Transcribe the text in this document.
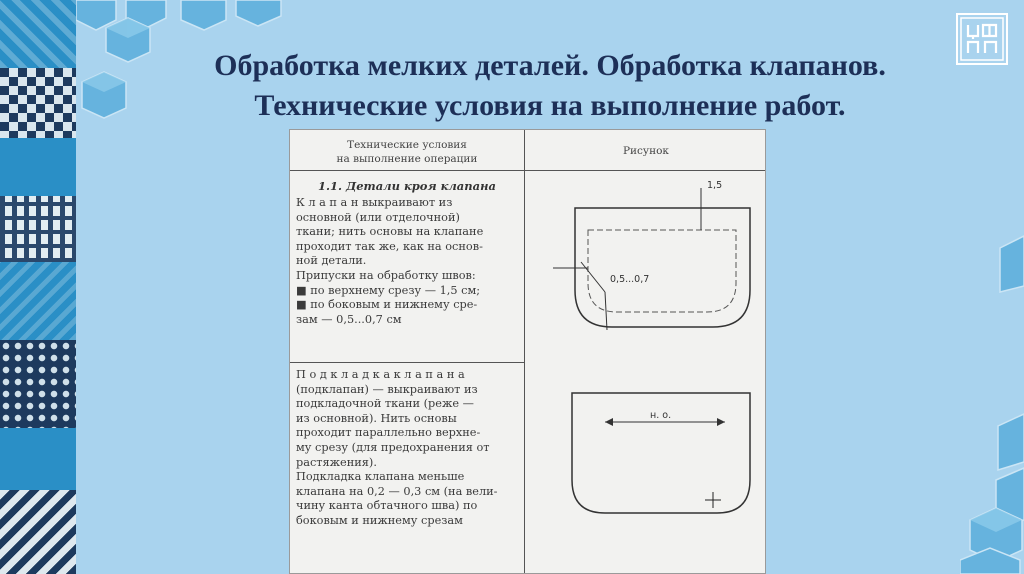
Обработка мелких деталей. Обработка клапанов.
Технические условия на выполнение работ.
Технические условия
на выполнение операции
Рисунок
1.1. Детали кроя клапана
К л а п а н выкраивают из
основной (или отделочной)
ткани; нить основы на клапане
проходит так же, как на основ-
ной детали.
Припуски на обработку швов:
■ по верхнему срезу — 1,5 см;
■ по боковым и нижнему сре-
зам — 0,5...0,7 см
П о д к л а д к а к л а п а н а
(подклапан) — выкраивают из
подкладочной ткани (реже —
из основной). Нить основы
проходит параллельно верхне-
му срезу (для предохранения от
растяжения).
Подкладка клапана меньше
клапана на 0,2 — 0,3 см (на вели-
чину канта обтачного шва) по
боковым и нижнему срезам
1,5
0,5...0,7
н. о.
